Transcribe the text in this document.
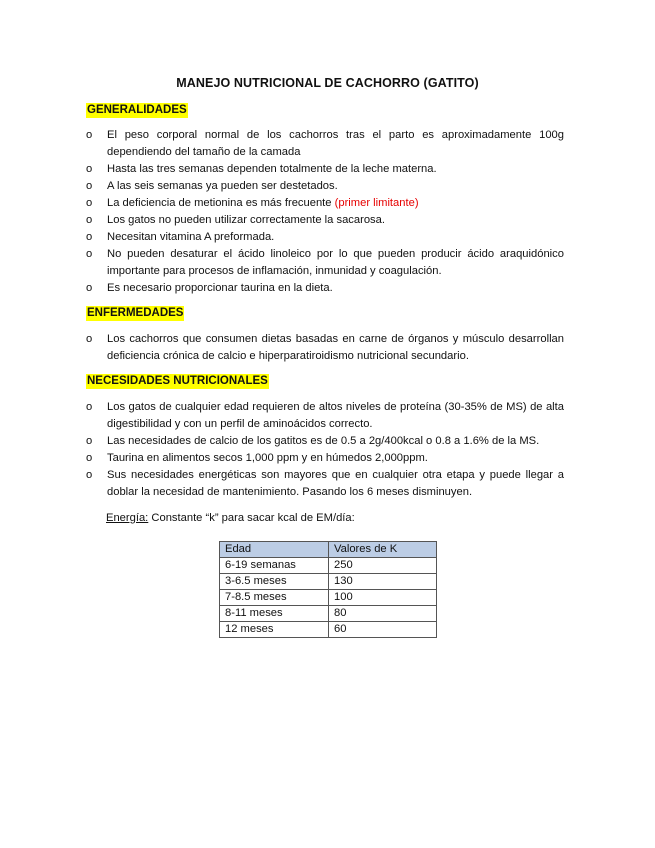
MANEJO NUTRICIONAL DE CACHORRO (GATITO)
GENERALIDADES
o El peso corporal normal de los cachorros tras el parto es aproximadamente 100g dependiendo del tamaño de la camada
o Hasta las tres semanas dependen totalmente de la leche materna.
o A las seis semanas ya pueden ser destetados.
o La deficiencia de metionina es más frecuente (primer limitante)
o Los gatos no pueden utilizar correctamente la sacarosa.
o Necesitan vitamina A preformada.
o No pueden desaturar el ácido linoleico por lo que pueden producir ácido araquidónico importante para procesos de inflamación, inmunidad y coagulación.
o Es necesario proporcionar taurina en la dieta.
ENFERMEDADES
o Los cachorros que consumen dietas basadas en carne de órganos y músculo desarrollan deficiencia crónica de calcio e hiperparatiroidismo nutricional secundario.
NECESIDADES NUTRICIONALES
o Los gatos de cualquier edad requieren de altos niveles de proteína (30-35% de MS) de alta digestibilidad y con un perfil de aminoácidos correcto.
o Las necesidades de calcio de los gatitos es de 0.5 a 2g/400kcal o 0.8 a 1.6% de la MS.
o Taurina en alimentos secos 1,000 ppm y en húmedos 2,000ppm.
o Sus necesidades energéticas son mayores que en cualquier otra etapa y puede llegar a doblar la necesidad de mantenimiento. Pasando los 6 meses disminuyen.
Energía: Constante “k” para sacar kcal de EM/día:
Edad	Valores de K
6-19 semanas	250
3-6.5 meses	130
7-8.5 meses	100
8-11 meses	80
12 meses	60
